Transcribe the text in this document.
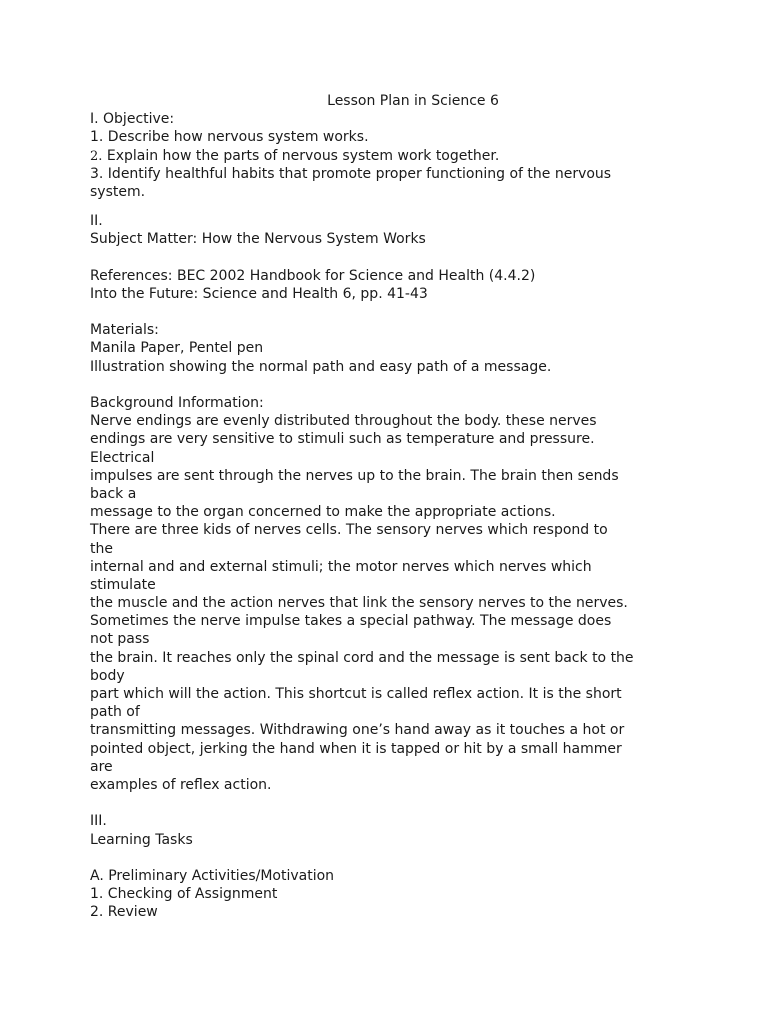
Lesson Plan in Science 6
I. Objective:
1. Describe how nervous system works.
2. Explain how the parts of nervous system work together.
3. Identify healthful habits that promote proper functioning of the nervous
system.
II.
Subject Matter: How the Nervous System Works
References: BEC 2002 Handbook for Science and Health (4.4.2)
Into the Future: Science and Health 6, pp. 41-43
Materials:
Manila Paper, Pentel pen
Illustration showing the normal path and easy path of a message.
Background Information:
Nerve endings are evenly distributed throughout the body. these nerves
endings are very sensitive to stimuli such as temperature and pressure.
Electrical
impulses are sent through the nerves up to the brain. The brain then sends
back a
message to the organ concerned to make the appropriate actions.
There are three kids of nerves cells. The sensory nerves which respond to
the
internal and and external stimuli; the motor nerves which nerves which
stimulate
the muscle and the action nerves that link the sensory nerves to the nerves.
Sometimes the nerve impulse takes a special pathway. The message does
not pass
the brain. It reaches only the spinal cord and the message is sent back to the
body
part which will the action. This shortcut is called reflex action. It is the short
path of
transmitting messages. Withdrawing one’s hand away as it touches a hot or
pointed object, jerking the hand when it is tapped or hit by a small hammer
are
examples of reflex action.
III.
Learning Tasks
A. Preliminary Activities/Motivation
1. Checking of Assignment
2. Review
